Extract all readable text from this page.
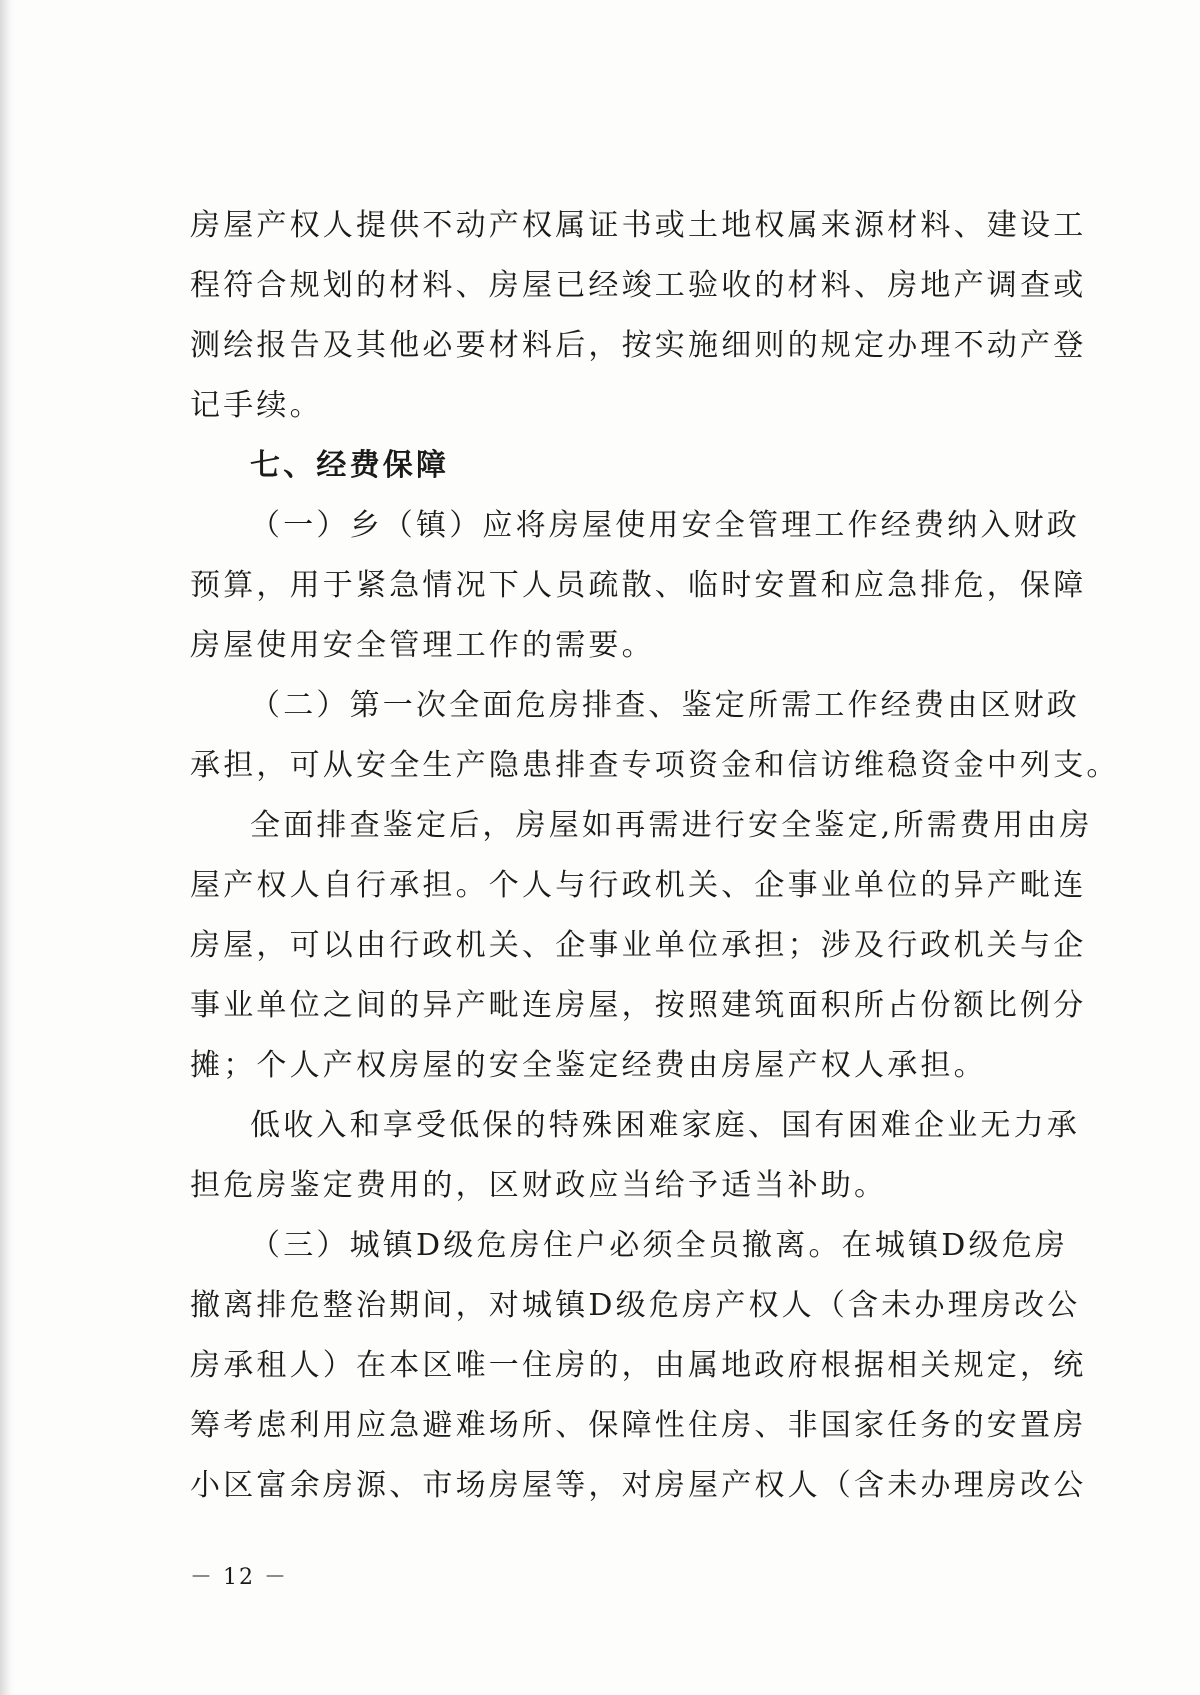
房屋产权人提供不动产权属证书或土地权属来源材料、建设工
程符合规划的材料、房屋已经竣工验收的材料、房地产调查或
测绘报告及其他必要材料后，按实施细则的规定办理不动产登
记手续。
七、经费保障
（一）乡（镇）应将房屋使用安全管理工作经费纳入财政
预算，用于紧急情况下人员疏散、临时安置和应急排危，保障
房屋使用安全管理工作的需要。
（二）第一次全面危房排查、鉴定所需工作经费由区财政
承担，可从安全生产隐患排查专项资金和信访维稳资金中列支。
全面排查鉴定后，房屋如再需进行安全鉴定,所需费用由房
屋产权人自行承担。个人与行政机关、企事业单位的异产毗连
房屋，可以由行政机关、企事业单位承担；涉及行政机关与企
事业单位之间的异产毗连房屋，按照建筑面积所占份额比例分
摊；个人产权房屋的安全鉴定经费由房屋产权人承担。
低收入和享受低保的特殊困难家庭、国有困难企业无力承
担危房鉴定费用的，区财政应当给予适当补助。
（三）城镇D级危房住户必须全员撤离。在城镇D级危房
撤离排危整治期间，对城镇D级危房产权人（含未办理房改公
房承租人）在本区唯一住房的，由属地政府根据相关规定，统
筹考虑利用应急避难场所、保障性住房、非国家任务的安置房
小区富余房源、市场房屋等，对房屋产权人（含未办理房改公
－ 12 －
